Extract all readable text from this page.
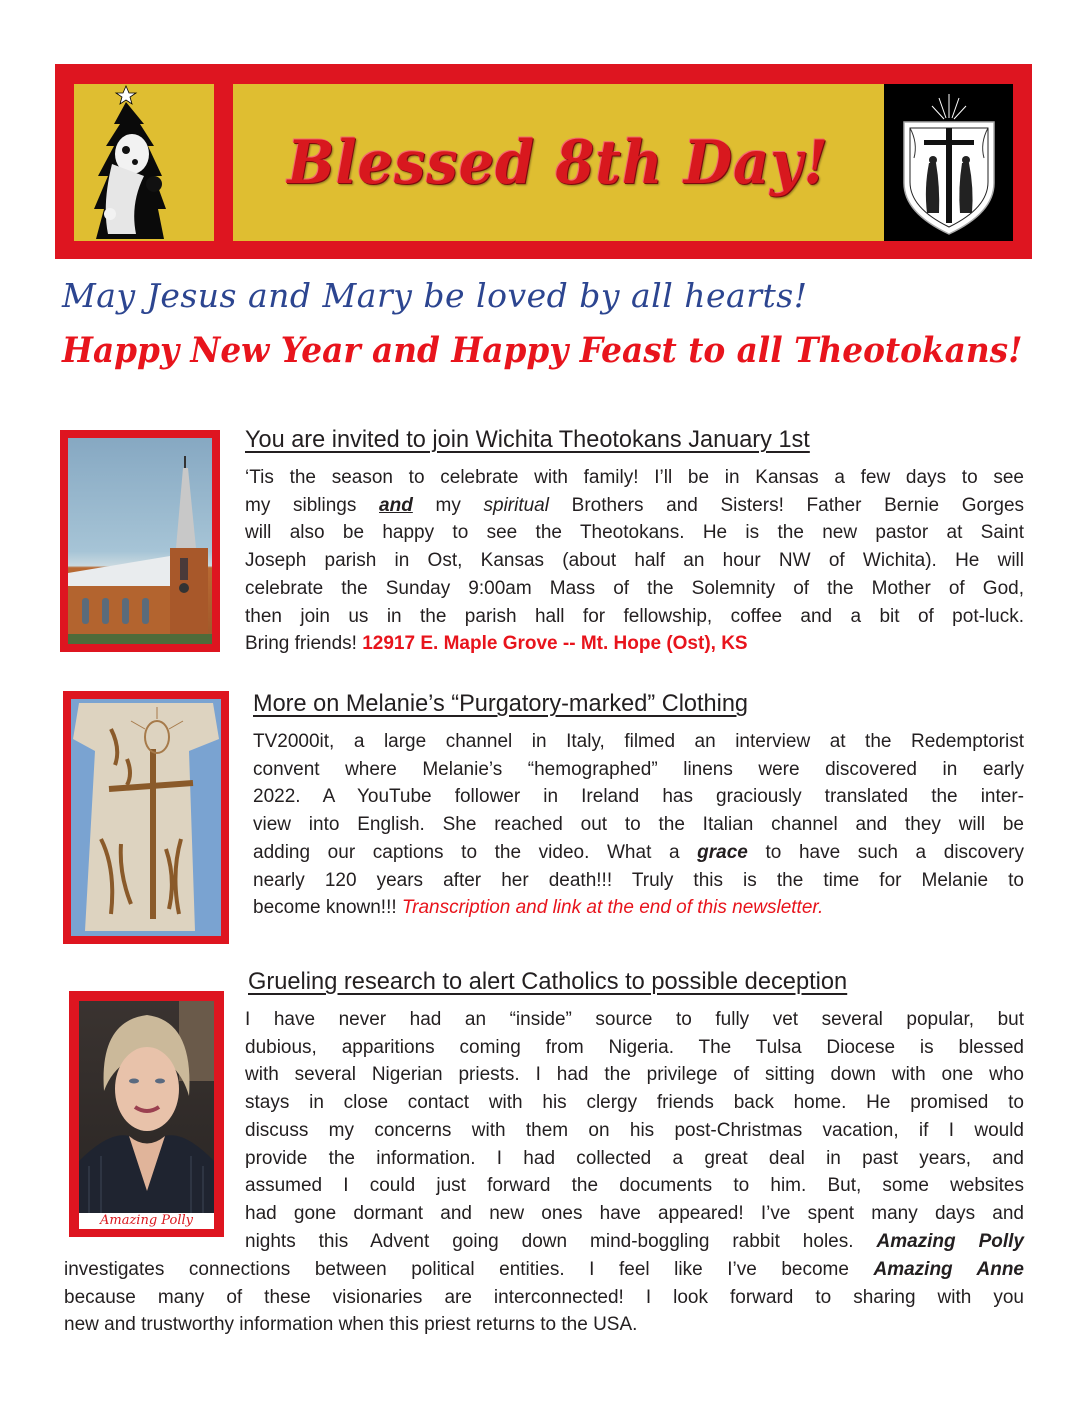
Blessed 8th Day!
May Jesus and Mary be loved by all hearts!
Happy New Year and Happy Feast to all Theotokans!
You are invited to join Wichita Theotokans January 1st
‘Tis the season to celebrate with family! I’ll be in Kansas a few days to see
my siblings and my spiritual Brothers and Sisters! Father Bernie Gorges
will also be happy to see the Theotokans. He is the new pastor at Saint
Joseph parish in Ost, Kansas (about half an hour NW of Wichita). He will
celebrate the Sunday 9:00am Mass of the Solemnity of the Mother of God,
then join us in the parish hall for fellowship, coffee and a bit of pot-luck.
Bring friends! 12917 E. Maple Grove -- Mt. Hope (Ost), KS
More on Melanie’s “Purgatory-marked” Clothing
TV2000it, a large channel in Italy, filmed an interview at the Redemptorist
convent where Melanie’s “hemographed” linens were discovered in early
2022. A YouTube follower in Ireland has graciously translated the inter-
view into English. She reached out to the Italian channel and they will be
adding our captions to the video. What a grace to have such a discovery
nearly 120 years after her death!!! Truly this is the time for Melanie to
become known!!! Transcription and link at the end of this newsletter.
Amazing Polly
Grueling research to alert Catholics to possible deception
I have never had an “inside” source to fully vet several popular, but
dubious, apparitions coming from Nigeria. The Tulsa Diocese is blessed
with several Nigerian priests. I had the privilege of sitting down with one who
stays in close contact with his clergy friends back home. He promised to
discuss my concerns with them on his post-Christmas vacation, if I would
provide the information. I had collected a great deal in past years, and
assumed I could just forward the documents to him. But, some websites
had gone dormant and new ones have appeared! I’ve spent many days and
nights this Advent going down mind-boggling rabbit holes. Amazing Polly
investigates connections between political entities. I feel like I’ve become Amazing Anne
because many of these visionaries are interconnected! I look forward to sharing with you
new and trustworthy information when this priest returns to the USA.
